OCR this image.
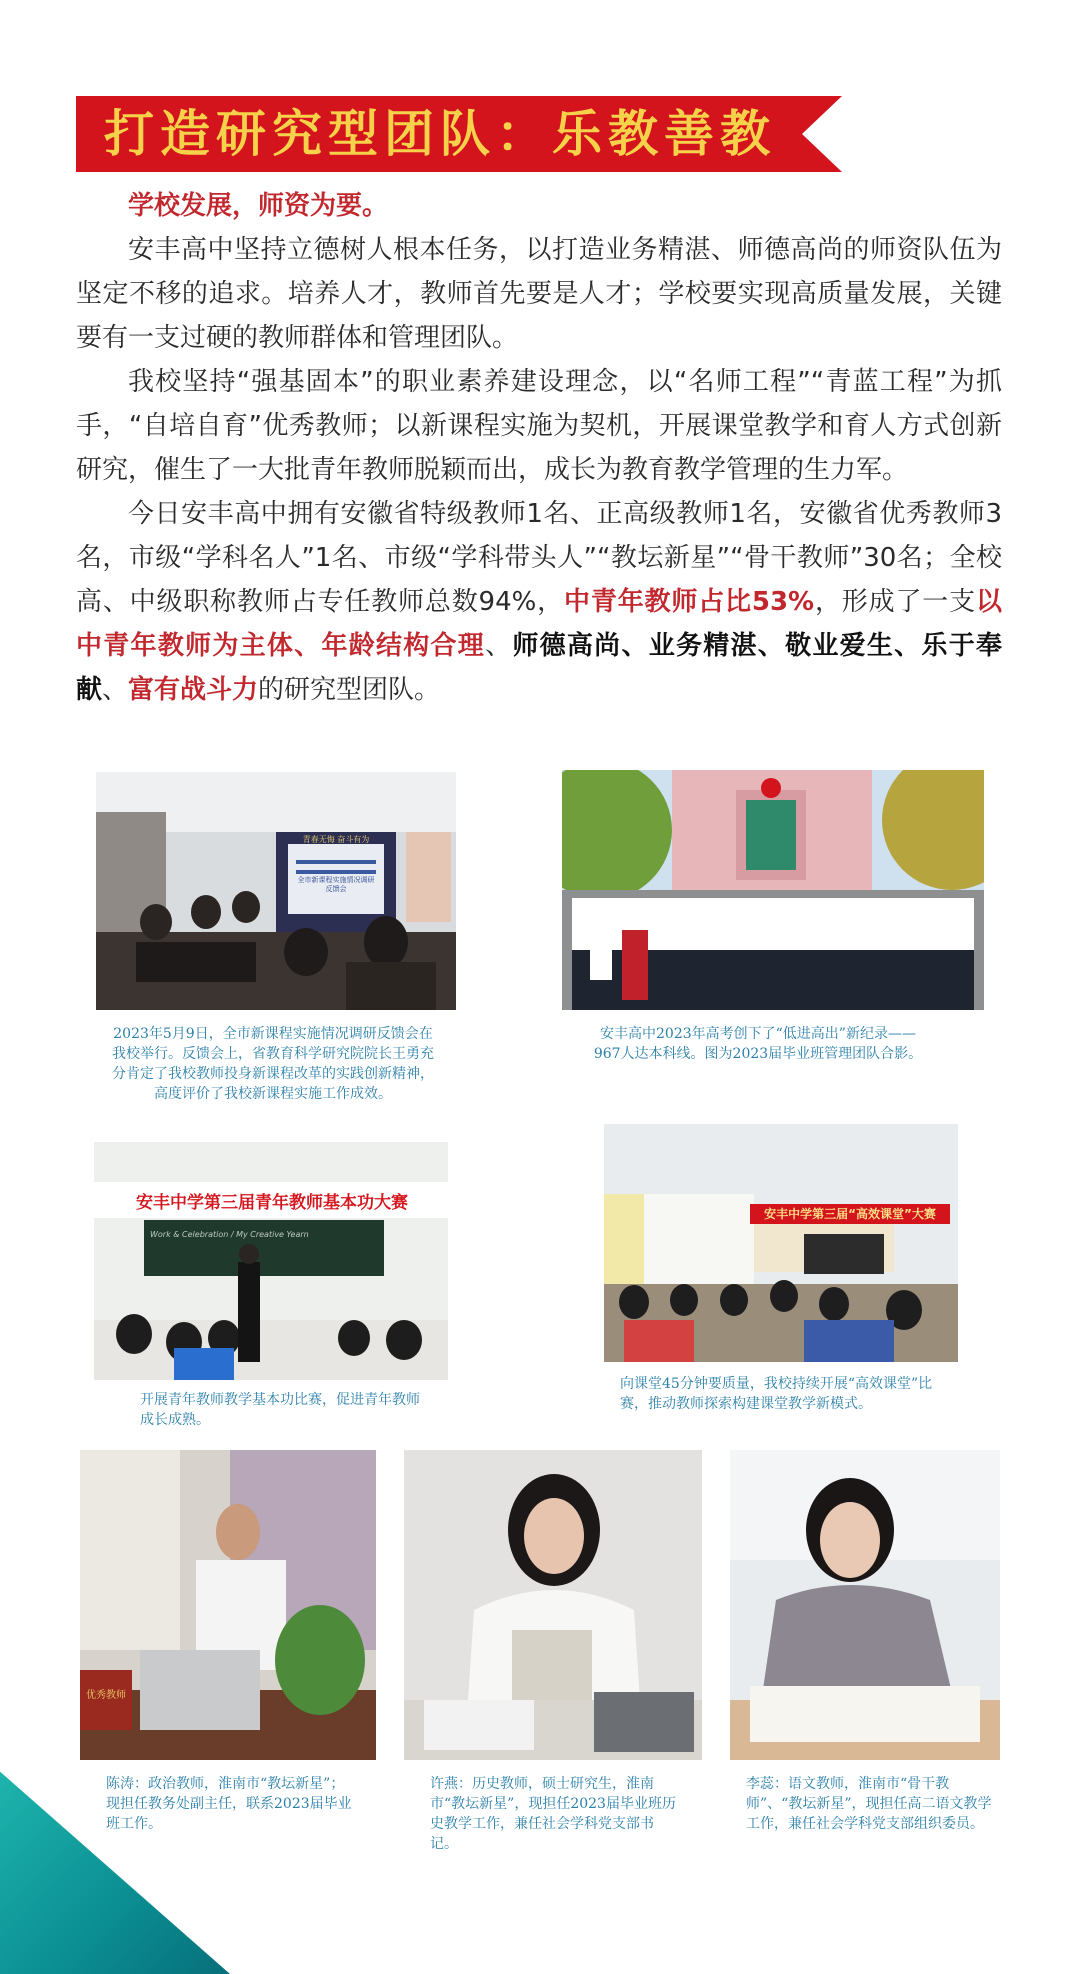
打造研究型团队：乐教善教

学校发展，师资为要。

安丰高中坚持立德树人根本任务，以打造业务精湛、师德高尚的师资队伍为坚定不移的追求。培养人才，教师首先要是人才；学校要实现高质量发展，关键要有一支过硬的教师群体和管理团队。

我校坚持“强基固本”的职业素养建设理念，以“名师工程”“青蓝工程”为抓手，“自培自育”优秀教师；以新课程实施为契机，开展课堂教学和育人方式创新研究，催生了一大批青年教师脱颖而出，成长为教育教学管理的生力军。

今日安丰高中拥有安徽省特级教师1名、正高级教师1名，安徽省优秀教师3名，市级“学科名人”1名、市级“学科带头人”“教坛新星”“骨干教师”30名；全校高、中级职称教师占专任教师总数94%，中青年教师占比53%，形成了一支以中青年教师为主体、年龄结构合理、师德高尚、业务精湛、敬业爱生、乐于奉献、富有战斗力的研究型团队。

全市新课程实施情况调研
反馈会
青春无悔 奋斗有为
2023年5月9日，全市新课程实施情况调研反馈会在我校举行。反馈会上，省教育科学研究院院长王勇充分肯定了我校教师投身新课程改革的实践创新精神，高度评价了我校新课程实施工作成效。
安丰高中2023年高考创下了“低进高出”新纪录——967人达本科线。图为2023届毕业班管理团队合影。
安丰中学第三届青年教师基本功大赛
Work & Celebration / My Creative Yearn
安丰中学第三届“高效课堂”大赛
开展青年教师教学基本功比赛，促进青年教师成长成熟。
向课堂45分钟要质量，我校持续开展“高效课堂”比赛，推动教师探索构建课堂教学新模式。
优秀教师
陈涛：政治教师，淮南市“教坛新星”；现担任教务处副主任，联系2023届毕业班工作。
许燕：历史教师，硕士研究生，淮南市“教坛新星”，现担任2023届毕业班历史教学工作，兼任社会学科党支部书记。
李蕊：语文教师，淮南市“骨干教师”、“教坛新星”，现担任高二语文教学工作，兼任社会学科党支部组织委员。
